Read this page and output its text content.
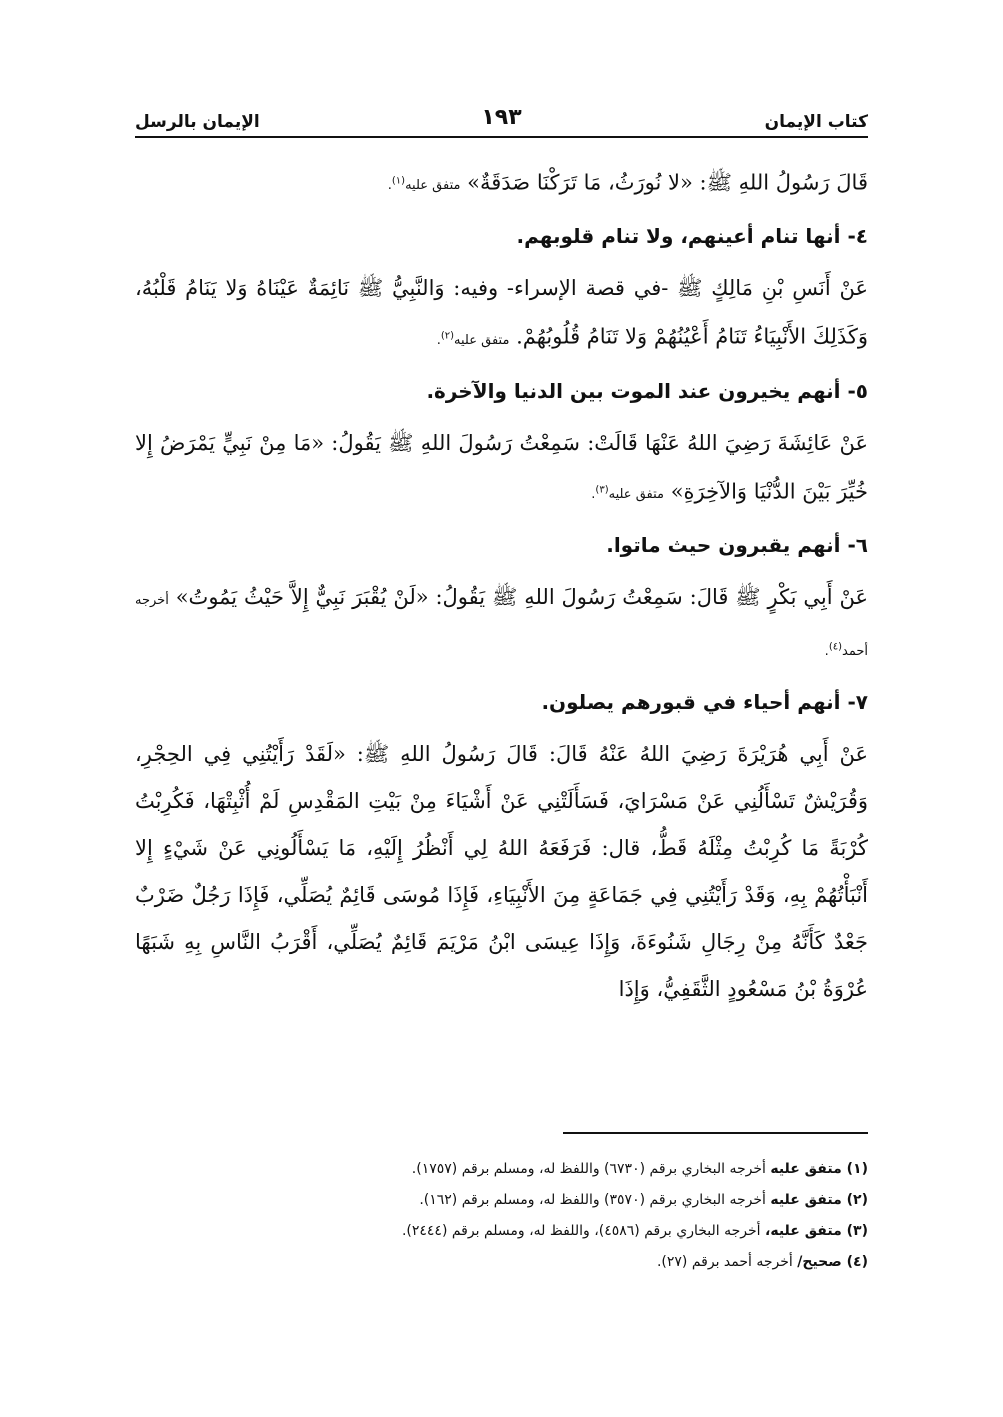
كتاب الإيمان
١٩٣
الإيمان بالرسل

قَالَ رَسُولُ اللهِ ﷺ: «لا نُورَثُ، مَا تَرَكْنَا صَدَقَةٌ» متفق عليه$^{(١)}$.

٤- أنها تنام أعينهم، ولا تنام قلوبهم.

عَنْ أَنَسِ بْنِ مَالِكٍ ﷺ -في قصة الإسراء- وفيه: وَالنَّبِيُّ ﷺ نَائِمَةٌ عَيْنَاهُ وَلا يَنَامُ قَلْبُهُ، وَكَذَلِكَ الأَنْبِيَاءُ تَنَامُ أَعْيُنُهُمْ وَلا تَنَامُ قُلُوبُهُمْ. متفق عليه$^{(٢)}$.

٥- أنهم يخيرون عند الموت بين الدنيا والآخرة.

عَنْ عَائِشَةَ رَضِيَ اللهُ عَنْهَا قَالَتْ: سَمِعْتُ رَسُولَ اللهِ ﷺ يَقُولُ: «مَا مِنْ نَبِيٍّ يَمْرَضُ إِلا خُيِّرَ بَيْنَ الدُّنْيَا وَالآخِرَةِ» متفق عليه$^{(٣)}$.

٦- أنهم يقبرون حيث ماتوا.

عَنْ أَبِي بَكْرٍ ﷺ قَالَ: سَمِعْتُ رَسُولَ اللهِ ﷺ يَقُولُ: «لَنْ يُقْبَرَ نَبِيٌّ إِلاَّ حَيْثُ يَمُوتُ» أخرجه أحمد$^{(٤)}$.

٧- أنهم أحياء في قبورهم يصلون.

عَنْ أَبِي هُرَيْرَةَ رَضِيَ اللهُ عَنْهُ قَالَ: قَالَ رَسُولُ اللهِ ﷺ: «لَقَدْ رَأَيْتُنِي فِي الحِجْرِ، وَقُرَيْشٌ تَسْأَلُنِي عَنْ مَسْرَايَ، فَسَأَلَتْنِي عَنْ أَشْيَاءَ مِنْ بَيْتِ المَقْدِسِ لَمْ أُثْبِتْهَا، فَكُرِبْتُ كُرْبَةً مَا كُرِبْتُ مِثْلَهُ قَطُّ، قال: فَرَفَعَهُ اللهُ لِي أَنْظُرُ إِلَيْهِ، مَا يَسْأَلُونِي عَنْ شَيْءٍ إِلا أَنْبَأْتُهُمْ بِهِ، وَقَدْ رَأَيْتُنِي فِي جَمَاعَةٍ مِنَ الأَنْبِيَاءِ، فَإِذَا مُوسَى قَائِمٌ يُصَلِّي، فَإِذَا رَجُلٌ ضَرْبٌ جَعْدٌ كَأَنَّهُ مِنْ رِجَالِ شَنُوءَةَ، وَإِذَا عِيسَى ابْنُ مَرْيَمَ قَائِمٌ يُصَلِّي، أَقْرَبُ النَّاسِ بِهِ شَبَهًا عُرْوَةُ بْنُ مَسْعُودٍ الثَّقَفِيُّ، وَإِذَا

(١) متفق عليه أخرجه البخاري برقم (٦٧٣٠) واللفظ له، ومسلم برقم (١٧٥٧).

(٢) متفق عليه أخرجه البخاري برقم (٣٥٧٠) واللفظ له، ومسلم برقم (١٦٢).

(٣) متفق عليه، أخرجه البخاري برقم (٤٥٨٦)، واللفظ له، ومسلم برقم (٢٤٤٤).

(٤) صحيح/ أخرجه أحمد برقم (٢٧).
